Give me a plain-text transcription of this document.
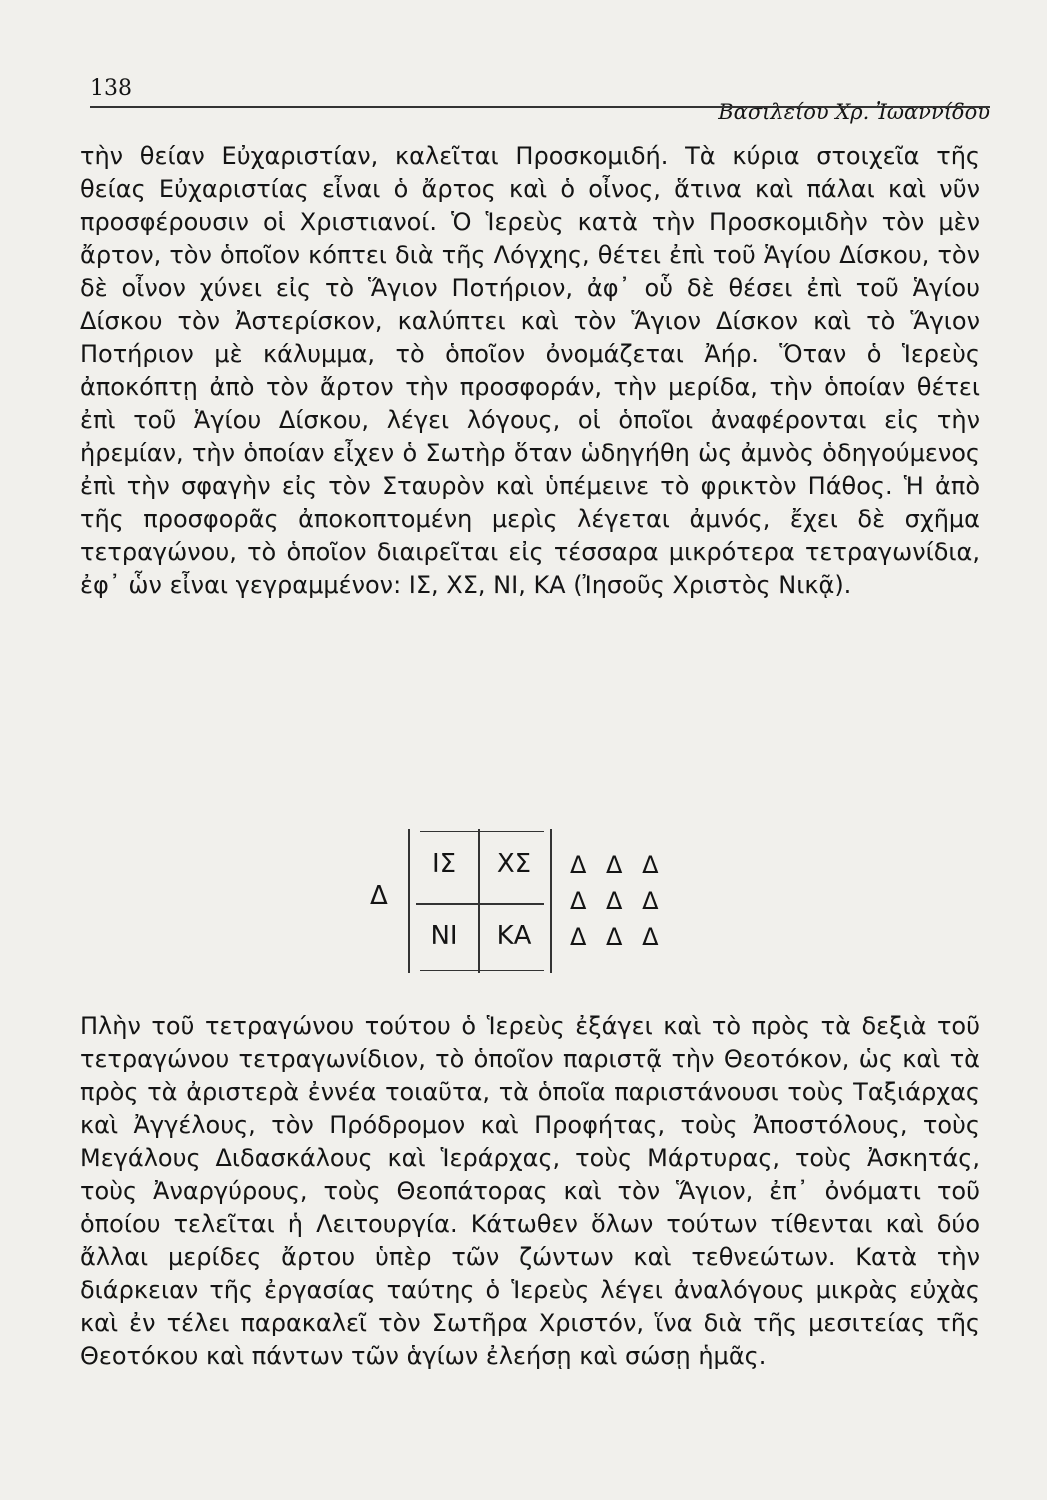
138
Βασιλείου Χρ. Ἰωαννίδου

τὴν θείαν Εὐχαριστίαν, καλεῖται Προσκομιδή. Τὰ κύρια στοιχεῖα τῆς θείας Εὐχαριστίας εἶναι ὁ ἄρτος καὶ ὁ οἶνος, ἅτινα καὶ πάλαι καὶ νῦν προσφέρουσιν οἱ Χριστιανοί. Ὁ Ἱερεὺς κατὰ τὴν Προσκομιδὴν τὸν μὲν ἄρτον, τὸν ὁποῖον κόπτει διὰ τῆς Λόγχης, θέτει ἐπὶ τοῦ Ἁγίου Δίσκου, τὸν δὲ οἶνον χύνει εἰς τὸ Ἅγιον Ποτήριον, ἀφ᾽ οὗ δὲ θέσει ἐπὶ τοῦ Ἁγίου Δίσκου τὸν Ἀστερίσκον, καλύπτει καὶ τὸν Ἅγιον Δίσκον καὶ τὸ Ἅγιον Ποτήριον μὲ κάλυμμα, τὸ ὁποῖον ὀνομάζεται Ἀήρ. Ὅταν ὁ Ἱερεὺς ἀποκόπτῃ ἀπὸ τὸν ἄρτον τὴν προσφοράν, τὴν μερίδα, τὴν ὁποίαν θέτει ἐπὶ τοῦ Ἁγίου Δίσκου, λέγει λόγους, οἱ ὁποῖοι ἀναφέρονται εἰς τὴν ἠρεμίαν, τὴν ὁποίαν εἶχεν ὁ Σωτὴρ ὅταν ὡδηγήθη ὡς ἀμνὸς ὁδηγούμενος ἐπὶ τὴν σφαγὴν εἰς τὸν Σταυρὸν καὶ ὑπέμεινε τὸ φρικτὸν Πάθος. Ἡ ἀπὸ τῆς προσφορᾶς ἀποκοπτομένη μερὶς λέγεται ἀμνός, ἔχει δὲ σχῆμα τετραγώνου, τὸ ὁποῖον διαιρεῖται εἰς τέσσαρα μικρότερα τετραγωνίδια, ἐφ᾽ ὧν εἶναι γεγραμμένον: ΙΣ, ΧΣ, ΝΙ, ΚΑ (Ἰησοῦς Χριστὸς Νικᾷ).

Δ
ΙΣ	ΧΣ
ΝΙ	ΚΑ
Δ Δ Δ
Δ Δ Δ
Δ Δ Δ

Πλὴν τοῦ τετραγώνου τούτου ὁ Ἱερεὺς ἐξάγει καὶ τὸ πρὸς τὰ δεξιὰ τοῦ τετραγώνου τετραγωνίδιον, τὸ ὁποῖον παριστᾷ τὴν Θεοτόκον, ὡς καὶ τὰ πρὸς τὰ ἀριστερὰ ἐννέα τοιαῦτα, τὰ ὁποῖα παριστάνουσι τοὺς Ταξιάρχας καὶ Ἀγγέλους, τὸν Πρόδρομον καὶ Προφήτας, τοὺς Ἀποστόλους, τοὺς Μεγάλους Διδασκάλους καὶ Ἱεράρχας, τοὺς Μάρτυρας, τοὺς Ἀσκητάς, τοὺς Ἀναργύρους, τοὺς Θεοπάτορας καὶ τὸν Ἅγιον, ἐπ᾽ ὀνόματι τοῦ ὁποίου τελεῖται ἡ Λειτουργία. Κάτωθεν ὅλων τούτων τίθενται καὶ δύο ἄλλαι μερίδες ἄρτου ὑπὲρ τῶν ζώντων καὶ τεθνεώτων. Κατὰ τὴν διάρκειαν τῆς ἐργασίας ταύτης ὁ Ἱερεὺς λέγει ἀναλόγους μικρὰς εὐχὰς καὶ ἐν τέλει παρακαλεῖ τὸν Σωτῆρα Χριστόν, ἵνα διὰ τῆς μεσιτείας τῆς Θεοτόκου καὶ πάντων τῶν ἁγίων ἐλεήσῃ καὶ σώσῃ ἡμᾶς.
